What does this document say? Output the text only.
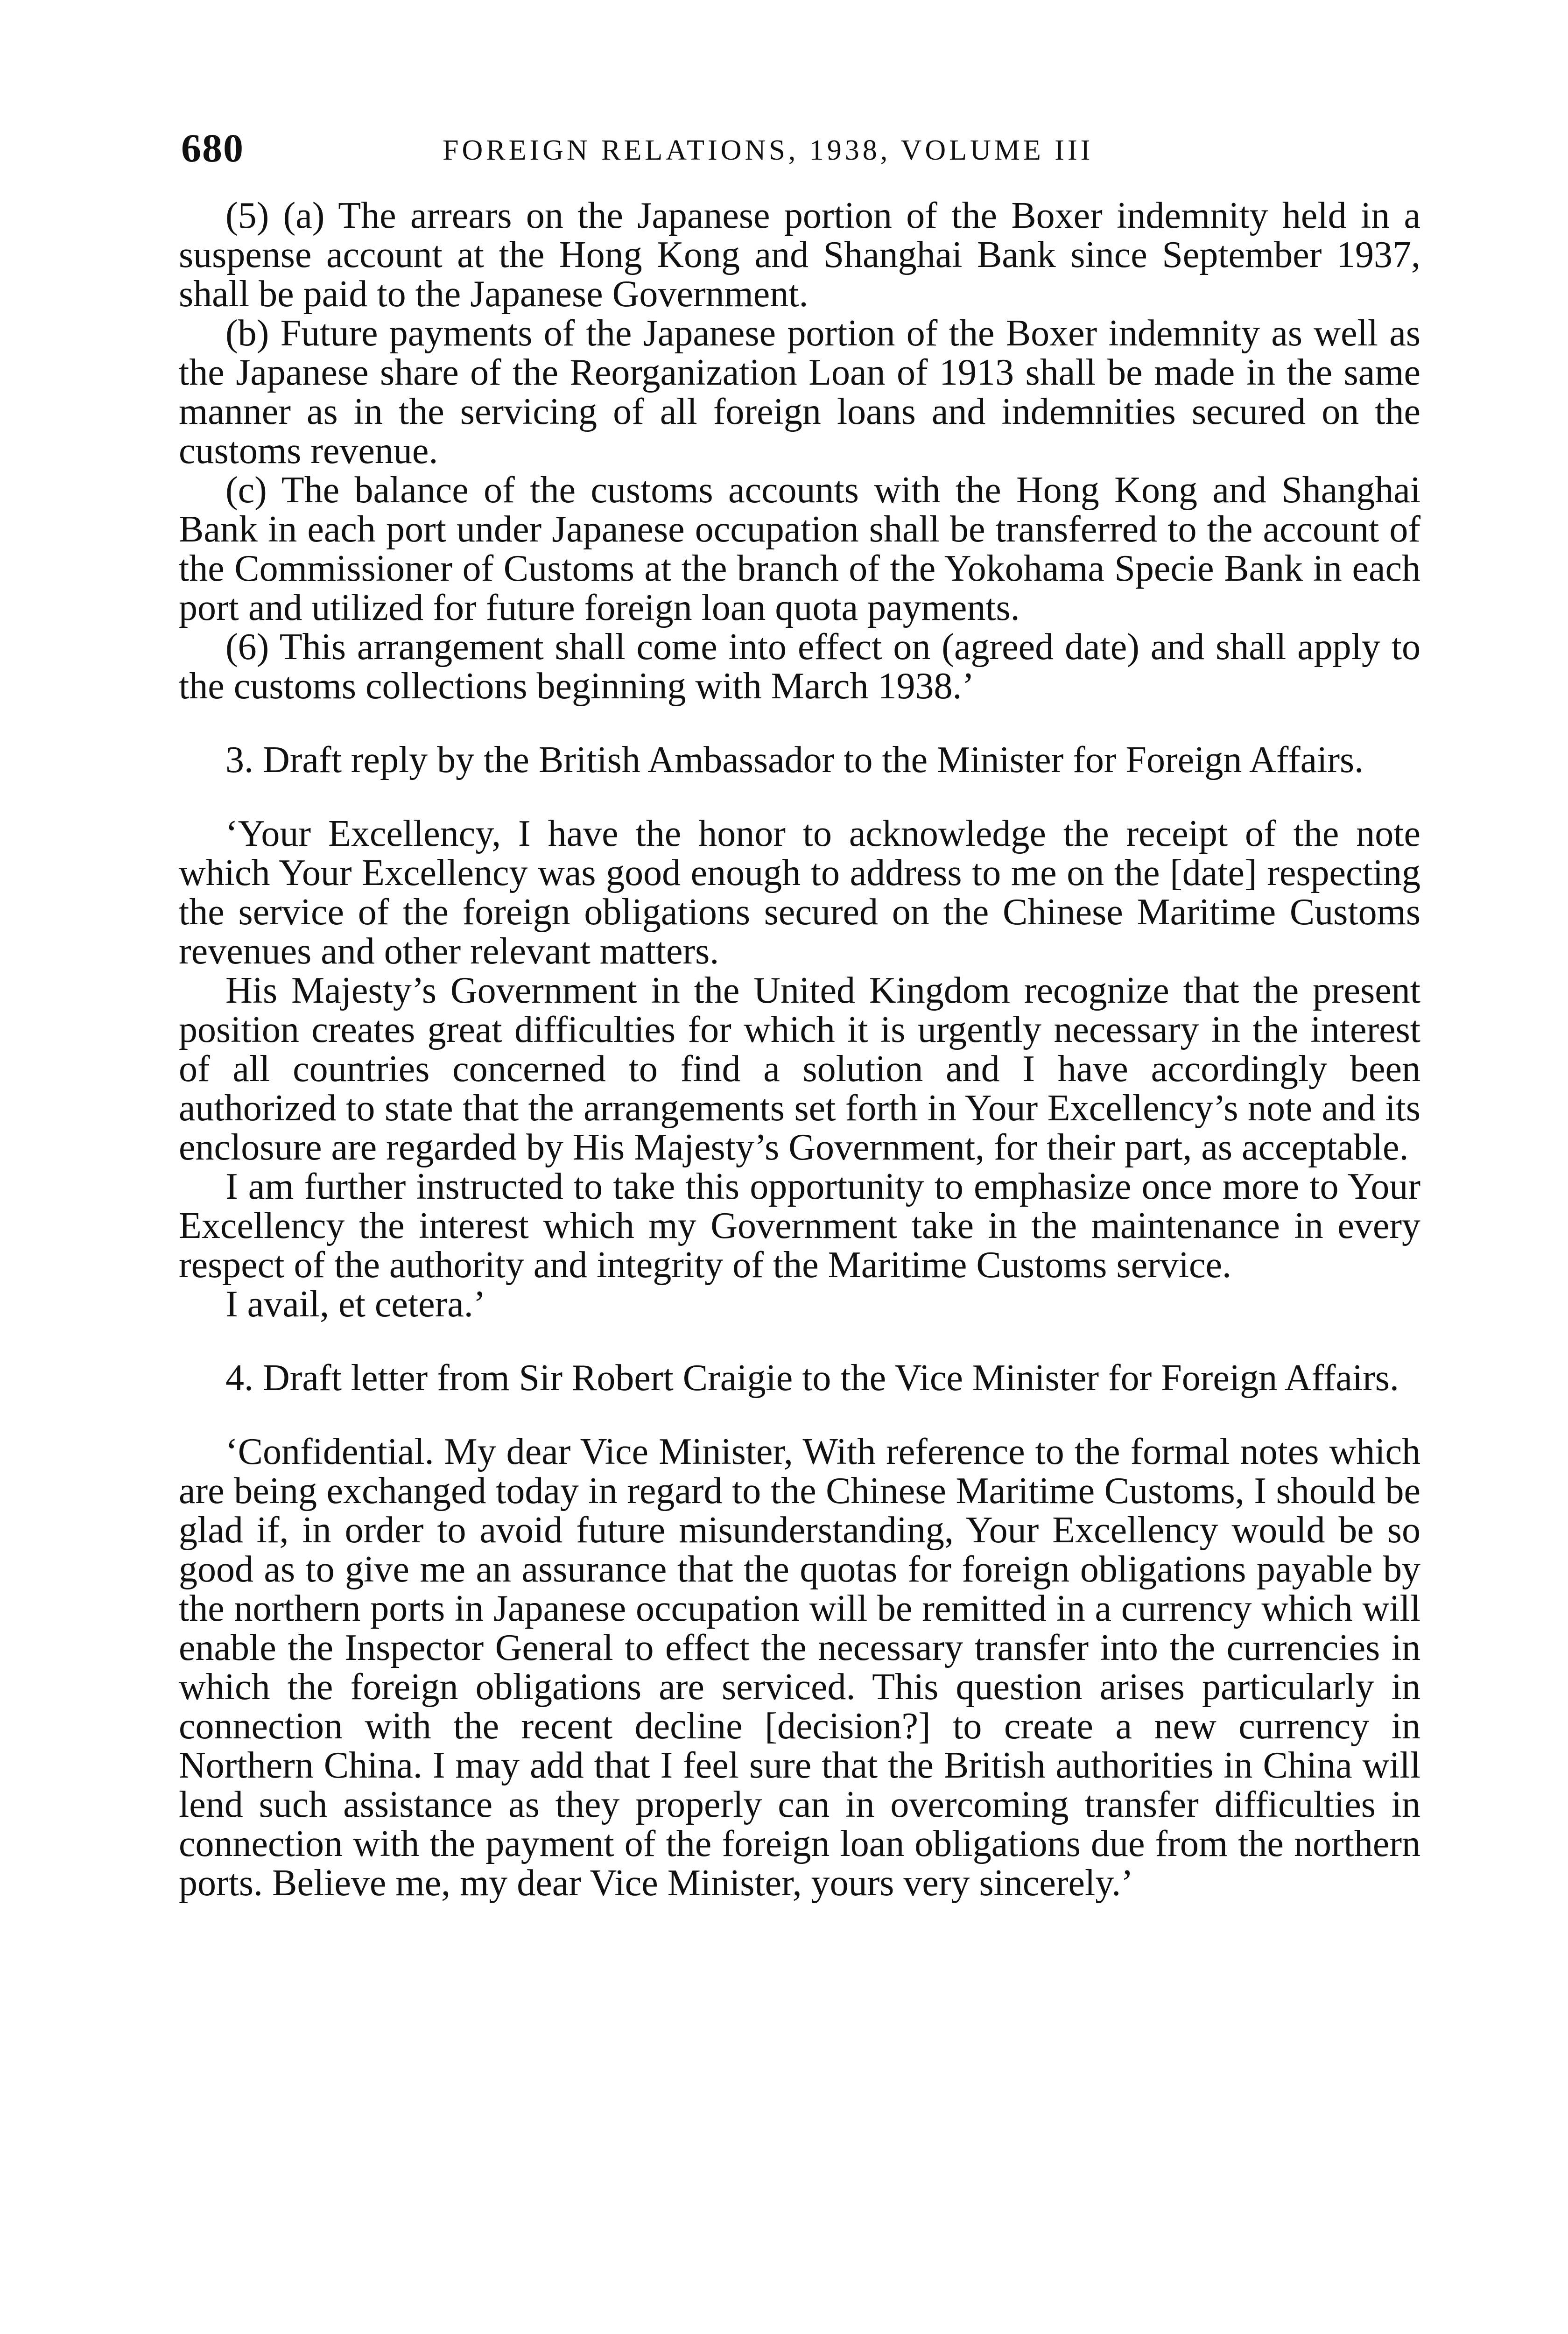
680	FOREIGN RELATIONS, 1938, VOLUME III

(5) (a) The arrears on the Japanese portion of the Boxer indemnity held in a suspense account at the Hong Kong and Shanghai Bank since September 1937, shall be paid to the Japanese Government.

(b) Future payments of the Japanese portion of the Boxer indemnity as well as the Japanese share of the Reorganization Loan of 1913 shall be made in the same manner as in the servicing of all foreign loans and indemnities secured on the customs revenue.

(c) The balance of the customs accounts with the Hong Kong and Shanghai Bank in each port under Japanese occupation shall be transferred to the account of the Commissioner of Customs at the branch of the Yokohama Specie Bank in each port and utilized for future foreign loan quota payments.

(6) This arrangement shall come into effect on (agreed date) and shall apply to the customs collections beginning with March 1938.’

3. Draft reply by the British Ambassador to the Minister for Foreign Affairs.

‘Your Excellency, I have the honor to acknowledge the receipt of the note which Your Excellency was good enough to address to me on the [date] respecting the service of the foreign obligations secured on the Chinese Maritime Customs revenues and other relevant matters.

His Majesty’s Government in the United Kingdom recognize that the present position creates great difficulties for which it is urgently necessary in the interest of all countries concerned to find a solution and I have accordingly been authorized to state that the arrangements set forth in Your Excellency’s note and its enclosure are regarded by His Majesty’s Government, for their part, as acceptable.

I am further instructed to take this opportunity to emphasize once more to Your Excellency the interest which my Government take in the maintenance in every respect of the authority and integrity of the Maritime Customs service.

I avail, et cetera.’

4. Draft letter from Sir Robert Craigie to the Vice Minister for Foreign Affairs.

‘Confidential. My dear Vice Minister, With reference to the formal notes which are being exchanged today in regard to the Chinese Maritime Customs, I should be glad if, in order to avoid future misunderstanding, Your Excellency would be so good as to give me an assurance that the quotas for foreign obligations payable by the northern ports in Japanese occupation will be remitted in a currency which will enable the Inspector General to effect the necessary transfer into the currencies in which the foreign obligations are serviced. This question arises particularly in connection with the recent decline [decision?] to create a new currency in Northern China. I may add that I feel sure that the British authorities in China will lend such assistance as they properly can in overcoming transfer difficulties in connection with the payment of the foreign loan obligations due from the northern ports. Believe me, my dear Vice Minister, yours very sincerely.’
